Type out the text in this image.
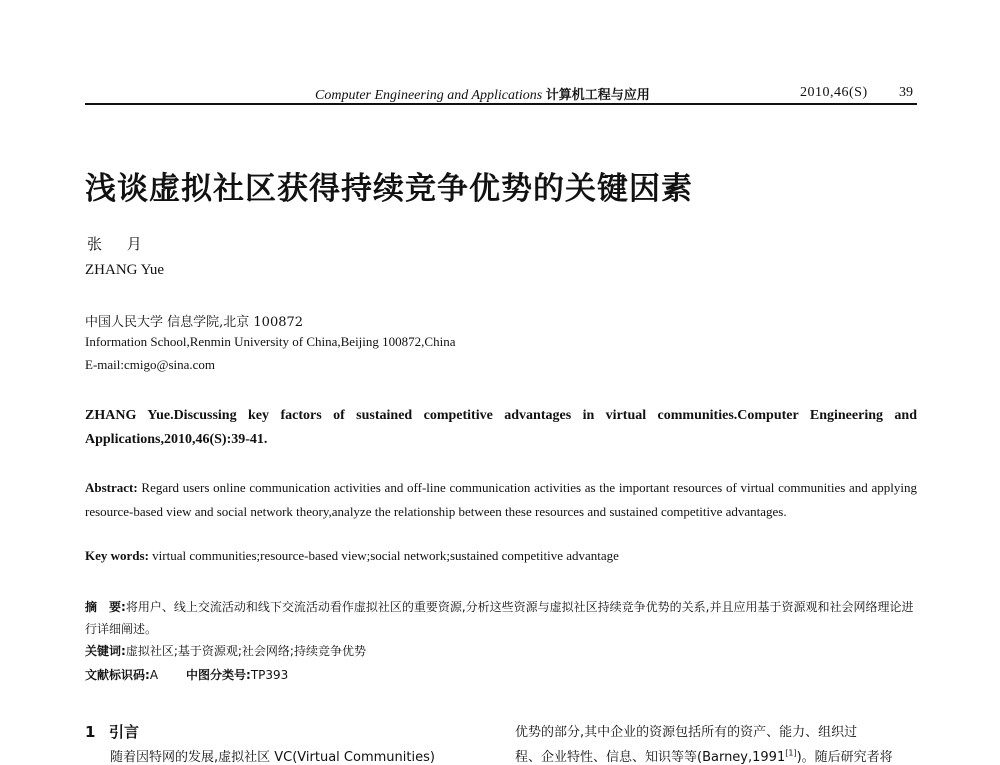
Computer Engineering and Applications 计算机工程与应用	2010,46(S) 39
浅谈虚拟社区获得持续竞争优势的关键因素
张 月
ZHANG Yue
中国人民大学 信息学院,北京 100872
Information School,Renmin University of China,Beijing 100872,China
E-mail:cmigo@sina.com
ZHANG Yue.Discussing key factors of sustained competitive advantages in virtual communities.Computer Engineering and Applications,2010,46(S):39-41.
Abstract: Regard users online communication activities and off-line communication activities as the important resources of virtual communities and applying resource-based view and social network theory,analyze the relationship between these resources and sustained competitive advantages.
Key words: virtual communities;resource-based view;social network;sustained competitive advantage
摘　要:将用户、线上交流活动和线下交流活动看作虚拟社区的重要资源,分析这些资源与虚拟社区持续竞争优势的关系,并且应用基于资源观和社会网络理论进行详细阐述。
关键词:虚拟社区;基于资源观;社会网络;持续竞争优势
文献标识码:A 中图分类号:TP393
1 引言
随着因特网的发展,虚拟社区 VC(Virtual Communities)
优势的部分,其中企业的资源包括所有的资产、能力、组织过
程、企业特性、信息、知识等等(Barney,1991[1])。随后研究者将
